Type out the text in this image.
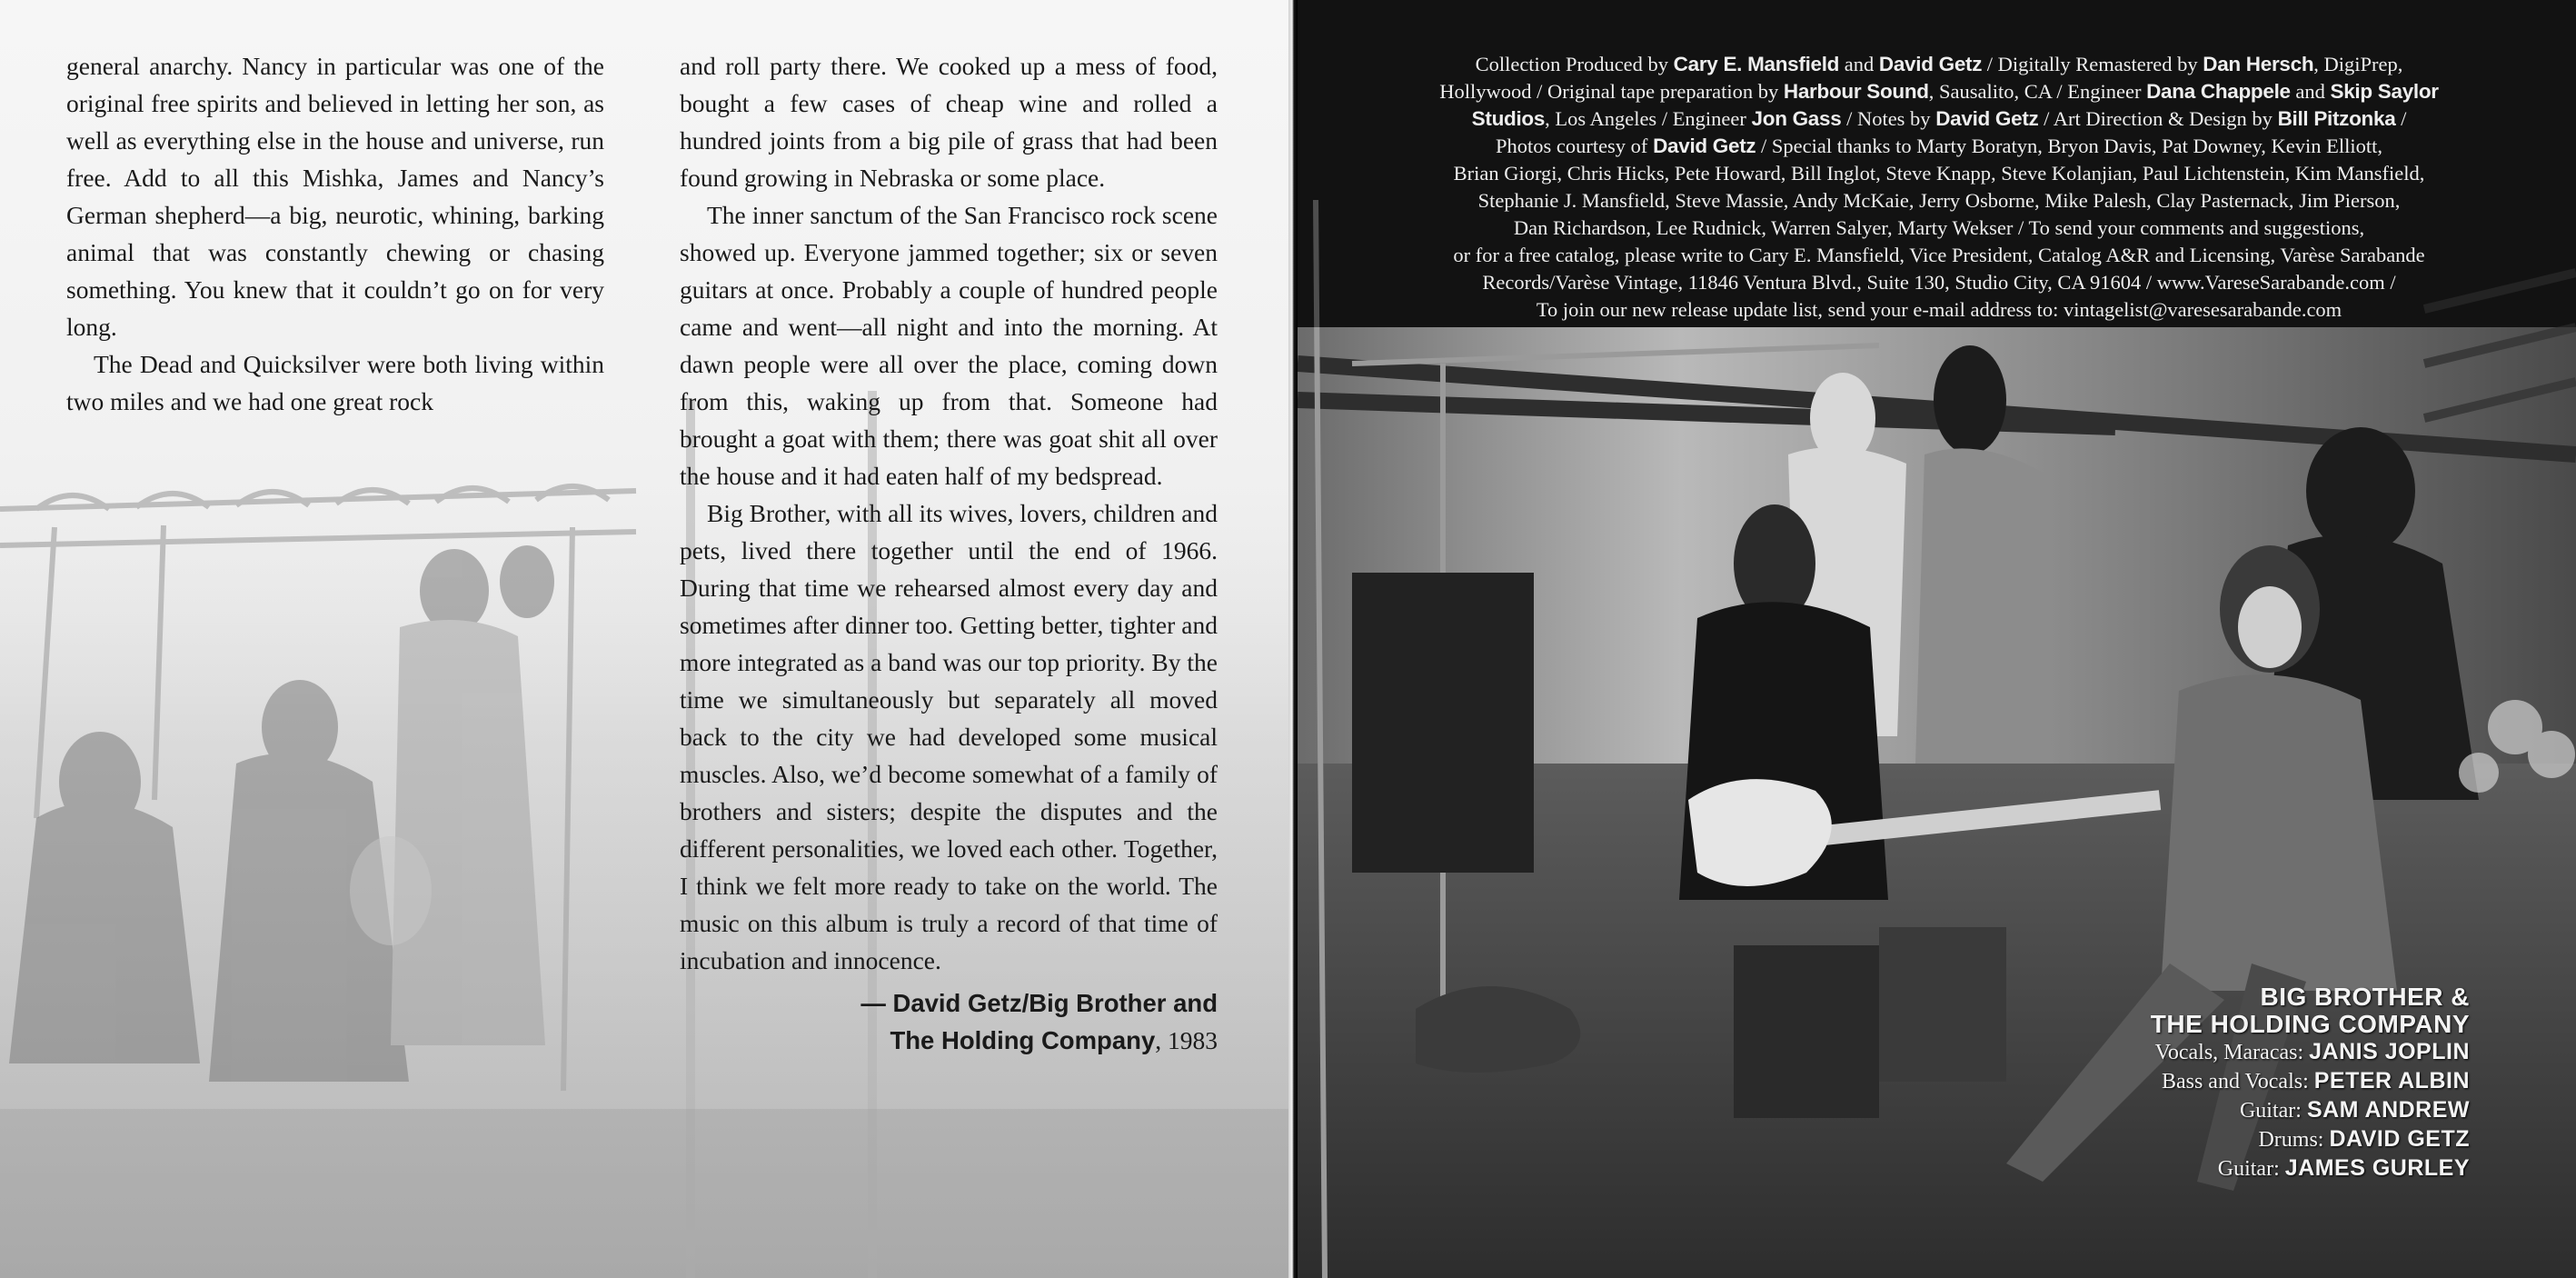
general anarchy. Nancy in particular was one of the original free spirits and believed in letting her son, as well as everything else in the house and universe, run free. Add to all this Mishka, James and Nancy’s German shepherd—a big, neurotic, whining, barking animal that was constantly chewing or chasing something. You knew that it couldn’t go on for very long.

The Dead and Quicksilver were both living within two miles and we had one great rock

and roll party there. We cooked up a mess of food, bought a few cases of cheap wine and rolled a hundred joints from a big pile of grass that had been found growing in Nebraska or some place.

The inner sanctum of the San Francisco rock scene showed up. Everyone jammed together; six or seven guitars at once. Probably a couple of hundred people came and went—all night and into the morning. At dawn people were all over the place, coming down from this, waking up from that. Someone had brought a goat with them; there was goat shit all over the house and it had eaten half of my bedspread.

Big Brother, with all its wives, lovers, children and pets, lived there together until the end of 1966. During that time we rehearsed almost every day and sometimes after dinner too. Getting better, tighter and more integrated as a band was our top priority. By the time we simultaneously but separately all moved back to the city we had developed some musical muscles. Also, we’d become somewhat of a family of brothers and sisters; despite the disputes and the different personalities, we loved each other. Together, I think we felt more ready to take on the world. The music on this album is truly a record of that time of incubation and innocence.

— David Getz/Big Brother and
The Holding Company, 1983
Collection Produced by Cary E. Mansfield and David Getz / Digitally Remastered by Dan Hersch, DigiPrep,
Hollywood / Original tape preparation by Harbour Sound, Sausalito, CA / Engineer Dana Chappele and Skip Saylor
Studios, Los Angeles / Engineer Jon Gass / Notes by David Getz / Art Direction & Design by Bill Pitzonka /
Photos courtesy of David Getz / Special thanks to Marty Boratyn, Bryon Davis, Pat Downey, Kevin Elliott,
Brian Giorgi, Chris Hicks, Pete Howard, Bill Inglot, Steve Knapp, Steve Kolanjian, Paul Lichtenstein, Kim Mansfield,
Stephanie J. Mansfield, Steve Massie, Andy McKaie, Jerry Osborne, Mike Palesh, Clay Pasternack, Jim Pierson,
Dan Richardson, Lee Rudnick, Warren Salyer, Marty Wekser / To send your comments and suggestions,
or for a free catalog, please write to Cary E. Mansfield, Vice President, Catalog A&R and Licensing, Varèse Sarabande
Records/Varèse Vintage, 11846 Ventura Blvd., Suite 130, Studio City, CA 91604 / www.VareseSarabande.com /
To join our new release update list, send your e-mail address to: vintagelist@varesesarabande.com
BIG BROTHER &
THE HOLDING COMPANY
Vocals, Maracas: JANIS JOPLIN
Bass and Vocals: PETER ALBIN
Guitar: SAM ANDREW
Drums: DAVID GETZ
Guitar: JAMES GURLEY
